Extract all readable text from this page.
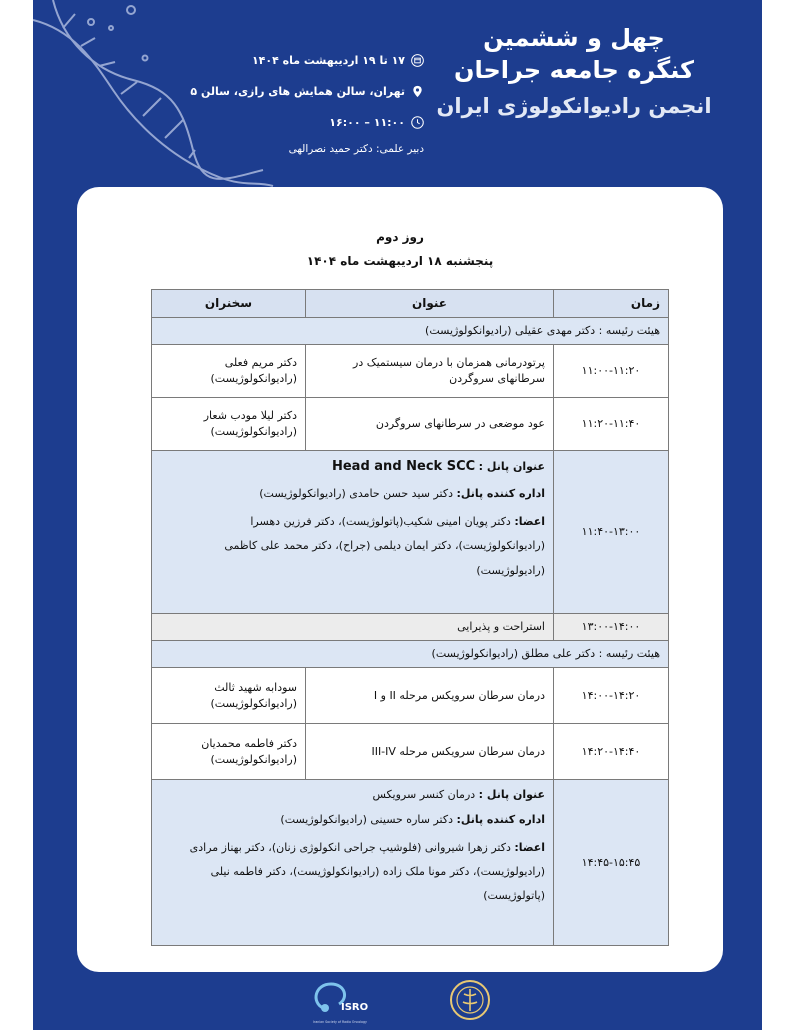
چهل و ششمین
کنگره جامعه جراحان
انجمن رادیوانکولوژی ایران
۱۷ تا ۱۹ اردیبهشت ماه ۱۴۰۴
تهران، سالن همایش های رازی، سالن ۵
۱۱:۰۰ – ۱۶:۰۰
دبیر علمی: دکتر حمید نصرالهی
روز دوم
پنجشنبه ۱۸ اردیبهشت ماه ۱۴۰۴
زمان	عنوان	سخنران
هیئت رئیسه : دکتر مهدی عقیلی (رادیوانکولوژیست)		
۱۱:۰۰-۱۱:۲۰	پرتودرمانی همزمان با درمان سیستمیک در سرطانهای سروگردن	دکتر مریم فعلی
(رادیوانکولوژیست)
۱۱:۲۰-۱۱:۴۰	عود موضعی در سرطانهای سروگردن	دکتر لیلا مودب شعار
(رادیوانکولوژیست)
۱۱:۴۰-۱۳:۰۰	عنوان پانل : Head and Neck SCC

اداره کننده پانل: دکتر سید حسن حامدی (رادیوانکولوژیست)

اعضا: دکتر پویان امینی شکیب(پاتولوژیست)، دکتر فرزین دهسرا (رادیوانکولوژیست)، دکتر ایمان دیلمی (جراح)، دکتر محمد علی کاظمی (رادیولوژیست)	

۱۳:۰۰-۱۴:۰۰	استراحت و پذیرایی	
هیئت رئیسه : دکتر علی مطلق (رادیوانکولوژیست)		
۱۴:۰۰-۱۴:۲۰	درمان سرطان سرویکس مرحله II و I	سودابه شهید ثالث
(رادیوانکولوژیست)
۱۴:۲۰-۱۴:۴۰	درمان سرطان سرویکس مرحله III-IV	دکتر فاطمه محمدیان
(رادیوانکولوژیست)
۱۴:۴۵-۱۵:۴۵	عنوان پانل : درمان کنسر سرویکس

اداره کننده پانل: دکتر ساره حسینی (رادیوانکولوژیست)

اعضا: دکتر زهرا شیروانی (فلوشیپ جراحی انکولوژی زنان)، دکتر بهناز مرادی (رادیولوژیست)، دکتر مونا ملک زاده (رادیوانکولوژیست)، دکتر فاطمه نیلی (پاتولوژیست)	

ISRO
Iranian Society of Radio Oncology
